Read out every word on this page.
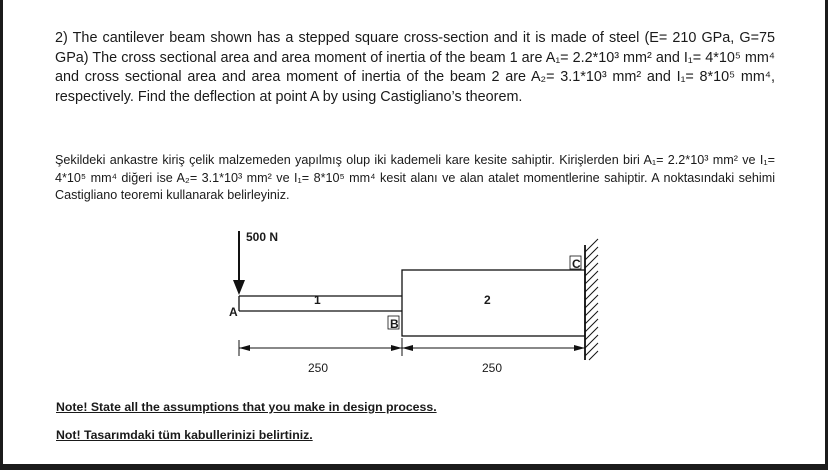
2) The cantilever beam shown has a stepped square cross-section and it is made of steel (E= 210 GPa, G=75 GPa) The cross sectional area and area moment of inertia of the beam 1 are A₁= 2.2*10³ mm² and I₁= 4*10⁵ mm⁴ and cross sectional area and area moment of inertia of the beam 2 are A₂= 3.1*10³ mm² and I₁= 8*10⁵ mm⁴, respectively. Find the deflection at point A by using Castigliano’s theorem.
Şekildeki ankastre kiriş çelik malzemeden yapılmış olup iki kademeli kare kesite sahiptir. Kirişlerden biri A₁= 2.2*10³ mm² ve I₁= 4*10⁵ mm⁴ diğeri ise A₂= 3.1*10³ mm² ve I₁= 8*10⁵ mm⁴ kesit alanı ve alan atalet momentlerine sahiptir. A noktasındaki sehimi Castigliano teoremi kullanarak belirleyiniz.
500 N
A
B
C
1	2
250	250
Note! State all the assumptions that you make in design process.
Not! Tasarımdaki tüm kabullerinizi belirtiniz.
